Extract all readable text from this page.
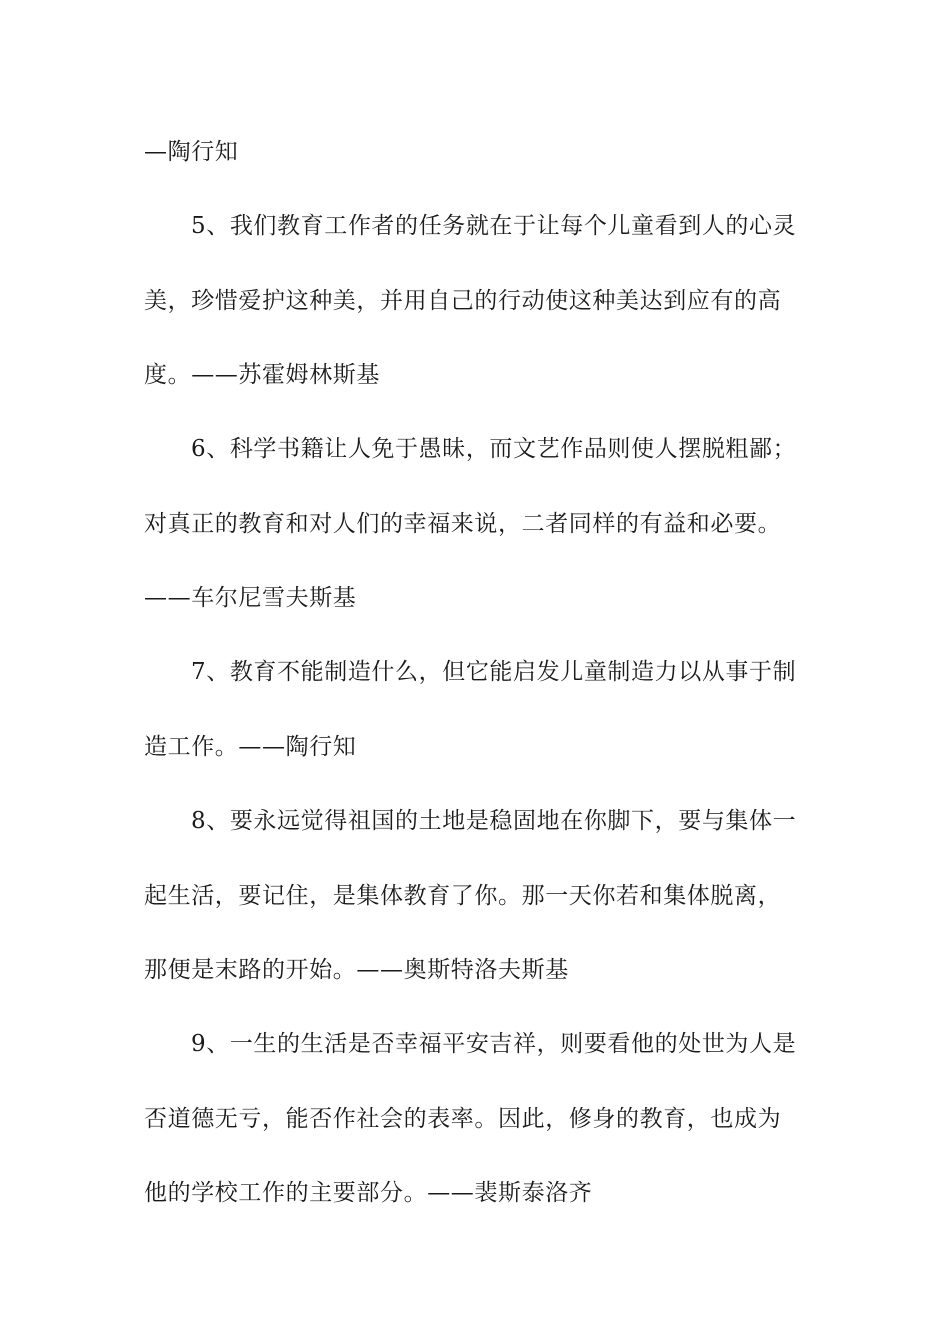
—陶行知
5、我们教育工作者的任务就在于让每个儿童看到人的心灵
美，珍惜爱护这种美，并用自己的行动使这种美达到应有的高
度。——苏霍姆林斯基
6、科学书籍让人免于愚昧，而文艺作品则使人摆脱粗鄙；
对真正的教育和对人们的幸福来说，二者同样的有益和必要。
——车尔尼雪夫斯基
7、教育不能制造什么，但它能启发儿童制造力以从事于制
造工作。——陶行知
8、要永远觉得祖国的土地是稳固地在你脚下，要与集体一
起生活，要记住，是集体教育了你。那一天你若和集体脱离，
那便是末路的开始。——奥斯特洛夫斯基
9、一生的生活是否幸福平安吉祥，则要看他的处世为人是
否道德无亏，能否作社会的表率。因此，修身的教育，也成为
他的学校工作的主要部分。——裴斯泰洛齐
